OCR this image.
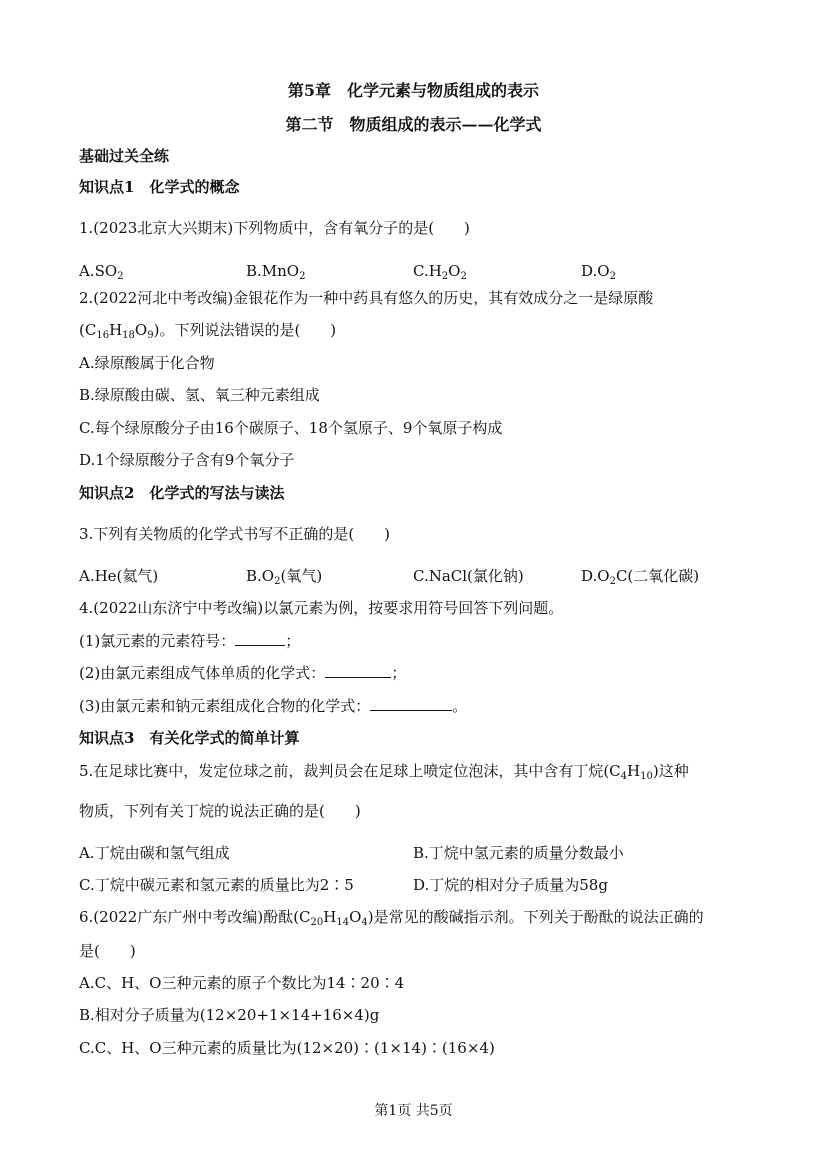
第5章　化学元素与物质组成的表示
第二节　物质组成的表示——化学式
基础过关全练
知识点1　化学式的概念
1.(2023北京大兴期末)下列物质中，含有氧分子的是(　　)
$A.SO_2$	B.MnO$_2$	$C.H_2O_2$	$D.O_2$
2.(2022河北中考改编)金银花作为一种中药具有悠久的历史，其有效成分之一是绿原酸
$(C_{16}H_{18}O_9)$。下列说法错误的是(　　)
A.绿原酸属于化合物
B.绿原酸由碳、氢、氧三种元素组成
C.每个绿原酸分子由16个碳原子、18个氢原子、9个氧原子构成
D.1个绿原酸分子含有9个氧分子
知识点2　化学式的写法与读法
3.下列有关物质的化学式书写不正确的是(　　)
A.He(氦气)	$B.O_2$(氧气)	C.NaCl(氯化钠)	$D.O_2C$(二氧化碳)
4.(2022山东济宁中考改编)以氯元素为例，按要求用符号回答下列问题。
(1)氯元素的元素符号：	；
(2)由氯元素组成气体单质的化学式：	；
(3)由氯元素和钠元素组成化合物的化学式：	。
知识点3　有关化学式的简单计算
5.在足球比赛中，发定位球之前，裁判员会在足球上喷定位泡沫，其中含有丁烷$(C_4H_{10})$这种
物质，下列有关丁烷的说法正确的是(　　)
A.丁烷由碳和氢气组成	B.丁烷中氢元素的质量分数最小
C.丁烷中碳元素和氢元素的质量比为2∶5	D.丁烷的相对分子质量为58g
6.(2022广东广州中考改编)酚酞$(C_{20}H_{14}O_4)$是常见的酸碱指示剂。下列关于酚酞的说法正确的
是(　　)
A.C、H、O三种元素的原子个数比为14∶20∶4
B.相对分子质量为(12×20+1×14+16×4)g
C.C、H、O三种元素的质量比为(12×20)∶(1×14)∶(16×4)
第1页 共5页
